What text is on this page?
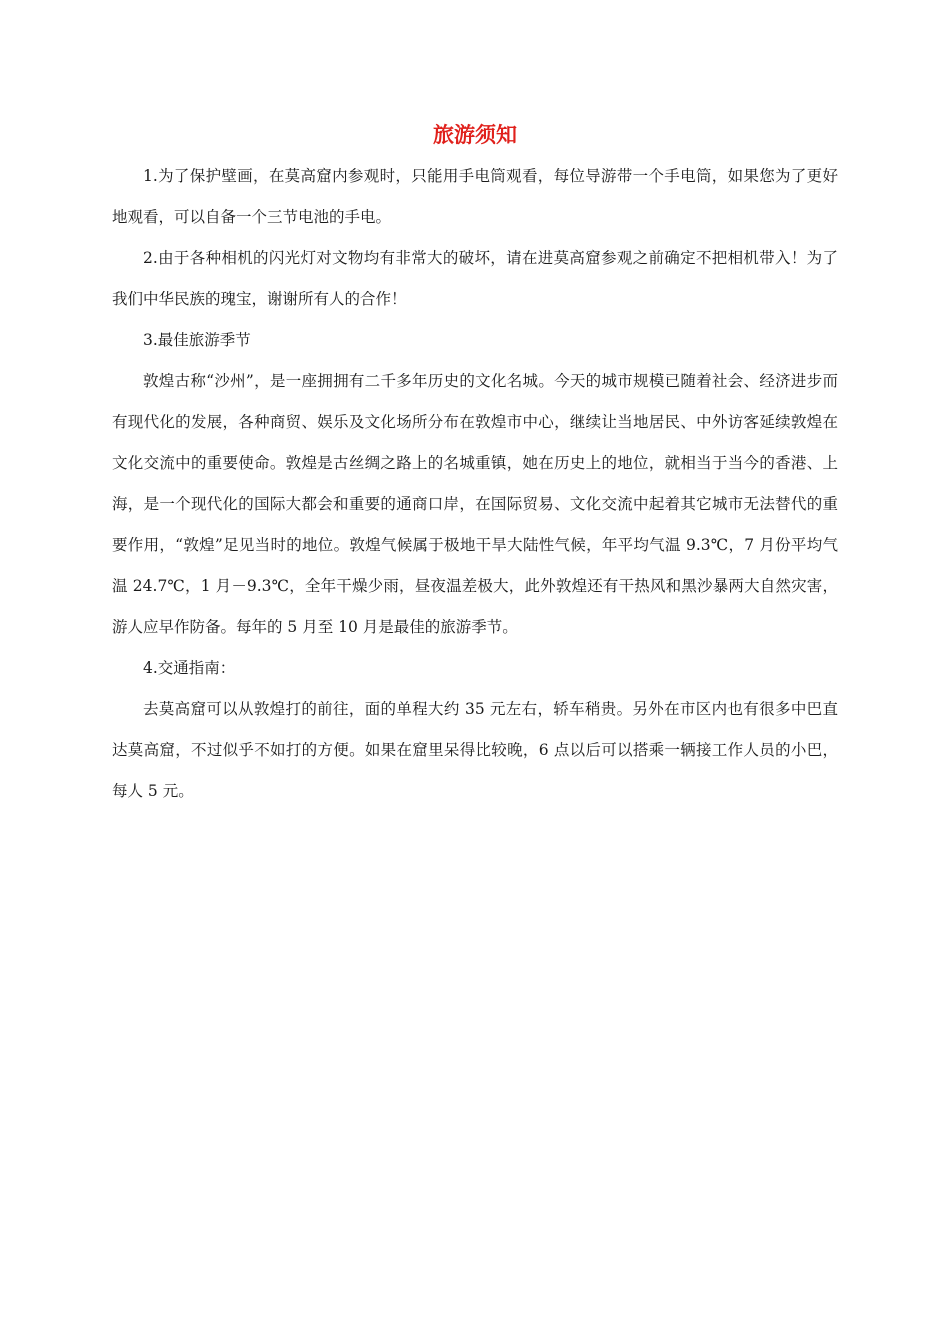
旅游须知

1.为了保护壁画，在莫高窟内参观时，只能用手电筒观看，每位导游带一个手电筒，如果您为了更好地观看，可以自备一个三节电池的手电。

2.由于各种相机的闪光灯对文物均有非常大的破坏，请在进莫高窟参观之前确定不把相机带入！为了我们中华民族的瑰宝，谢谢所有人的合作！

3.最佳旅游季节

敦煌古称“沙州”，是一座拥拥有二千多年历史的文化名城。今天的城市规模已随着社会、经济进步而有现代化的发展，各种商贸、娱乐及文化场所分布在敦煌市中心，继续让当地居民、中外访客延续敦煌在文化交流中的重要使命。敦煌是古丝绸之路上的名城重镇，她在历史上的地位，就相当于当今的香港、上海，是一个现代化的国际大都会和重要的通商口岸，在国际贸易、文化交流中起着其它城市无法替代的重要作用，“敦煌”足见当时的地位。敦煌气候属于极地干旱大陆性气候，年平均气温 9.3℃，7 月份平均气温 24.7℃，1 月－9.3℃，全年干燥少雨，昼夜温差极大，此外敦煌还有干热风和黑沙暴两大自然灾害，游人应早作防备。每年的 5 月至 10 月是最佳的旅游季节。

4.交通指南：

去莫高窟可以从敦煌打的前往，面的单程大约 35 元左右，轿车稍贵。另外在市区内也有很多中巴直达莫高窟，不过似乎不如打的方便。如果在窟里呆得比较晚，6 点以后可以搭乘一辆接工作人员的小巴，每人 5 元。
